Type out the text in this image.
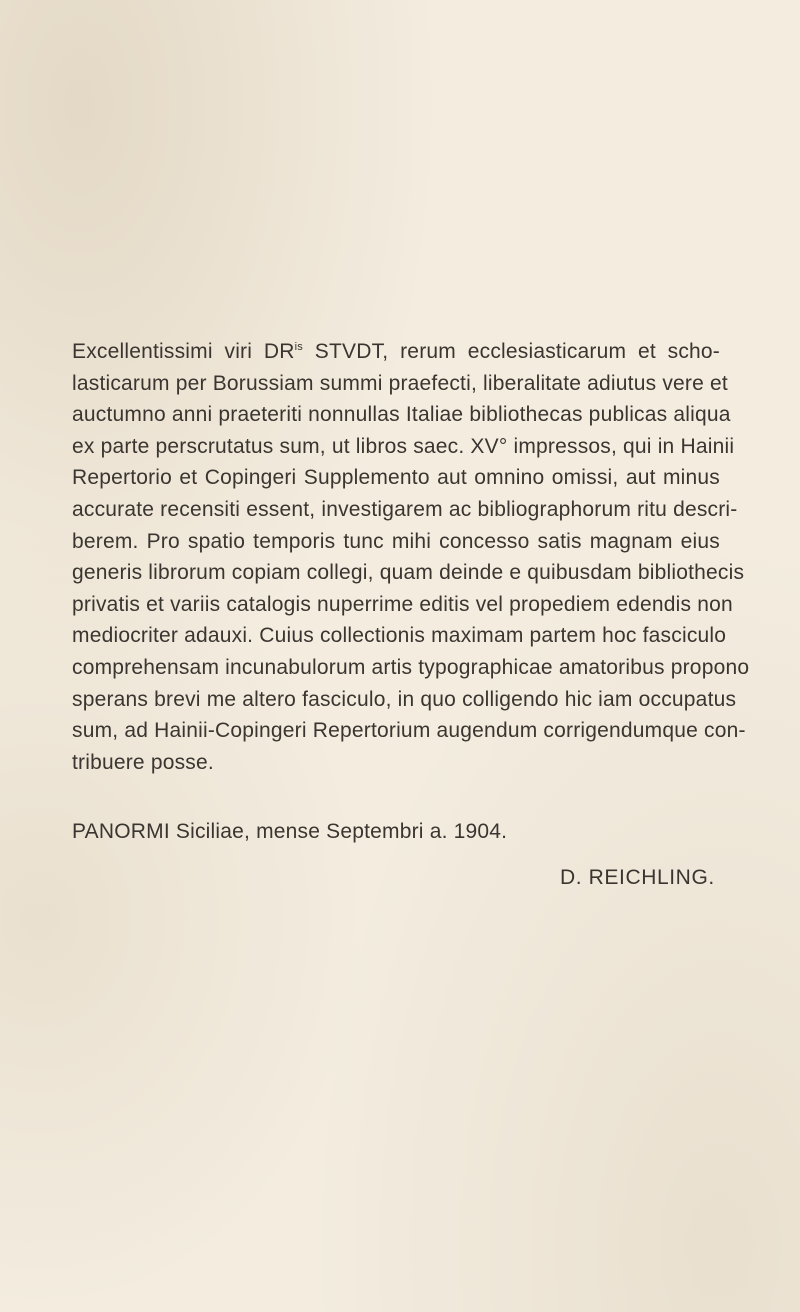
Excellentissimi viri $DR^{is}$ STVDT, rerum ecclesiasticarum et scho-
lasticarum per Borussiam summi praefecti, liberalitate adiutus vere et
auctumno anni praeteriti nonnullas Italiae bibliothecas publicas aliqua
ex parte perscrutatus sum, ut libros saec. XV° impressos, qui in Hainii
Repertorio et Copingeri Supplemento aut omnino omissi, aut minus
accurate recensiti essent, investigarem ac bibliographorum ritu descri-
berem. Pro spatio temporis tunc mihi concesso satis magnam eius
generis librorum copiam collegi, quam deinde e quibusdam bibliothecis
privatis et variis catalogis nuperrime editis vel propediem edendis non
mediocriter adauxi. Cuius collectionis maximam partem hoc fasciculo
comprehensam incunabulorum artis typographicae amatoribus propono
sperans brevi me altero fasciculo, in quo colligendo hic iam occupatus
sum, ad Hainii-Copingeri Repertorium augendum corrigendumque con-
tribuere posse.
PANORMI Siciliae, mense Septembri a. 1904.
D. REICHLING.
